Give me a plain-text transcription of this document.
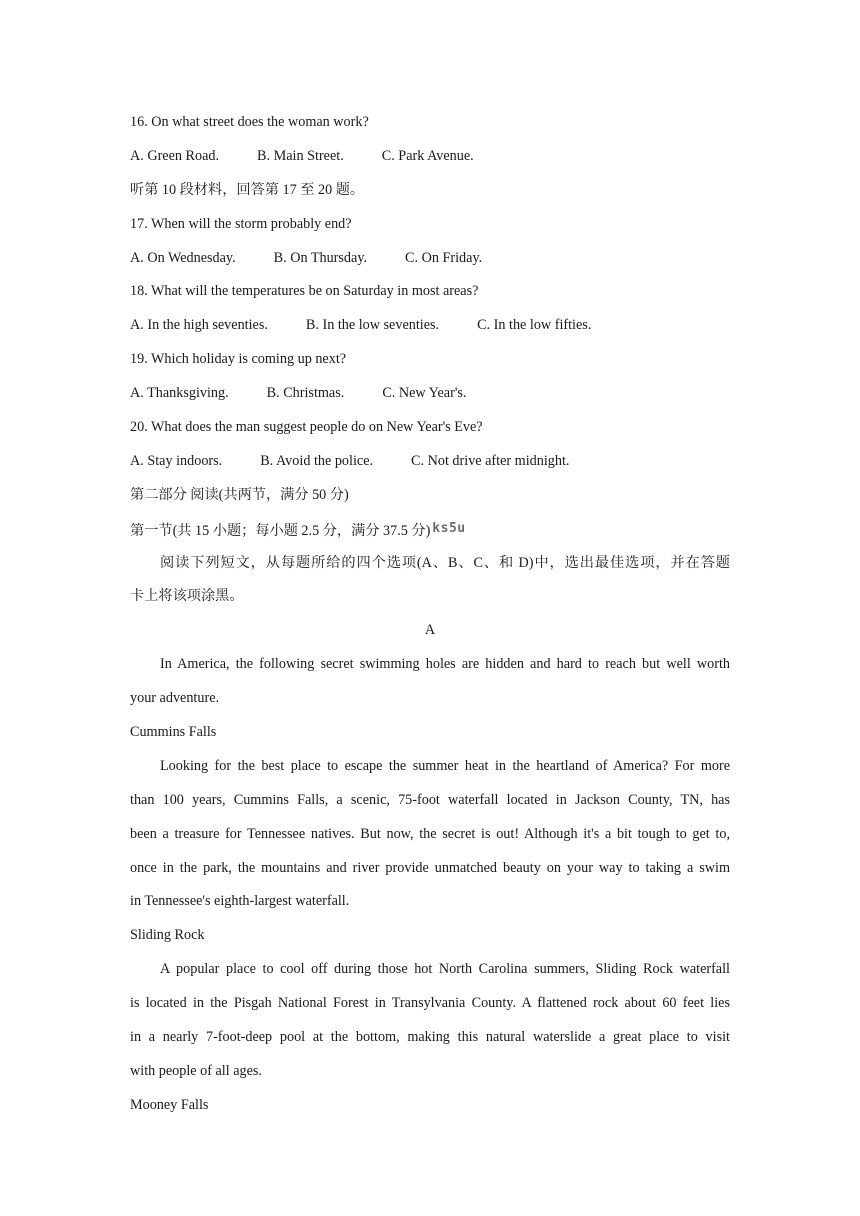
16. On what street does the woman work?
A. Green Road.	B. Main Street.	C. Park Avenue.
听第 10 段材料，回答第 17 至 20 题。
17. When will the storm probably end?
A. On Wednesday.	B. On Thursday.	C. On Friday.
18. What will the temperatures be on Saturday in most areas?
A. In the high seventies.	B. In the low seventies.	C. In the low fifties.
19. Which holiday is coming up next?
A. Thanksgiving.	B. Christmas.	C. New Year's.
20. What does the man suggest people do on New Year's Eve?
A. Stay indoors.	B. Avoid the police.	C. Not drive after midnight.
第二部分 阅读(共两节，满分 50 分)
第一节(共 15 小题；每小题 2.5 分，满分 37.5 分) ks5u
阅读下列短文，从每题所给的四个选项(A、B、C、和 D)中，选出最佳选项，并在答题
卡上将该项涂黑。
A
In America, the following secret swimming holes are hidden and hard to reach but well worth
your adventure.
Cummins Falls
Looking for the best place to escape the summer heat in the heartland of America? For more
than 100 years, Cummins Falls, a scenic, 75-foot waterfall located in Jackson County, TN, has
been a treasure for Tennessee natives. But now, the secret is out! Although it's a bit tough to get to,
once in the park, the mountains and river provide unmatched beauty on your way to taking a swim
in Tennessee's eighth-largest waterfall.
Sliding Rock
A popular place to cool off during those hot North Carolina summers, Sliding Rock waterfall
is located in the Pisgah National Forest in Transylvania County. A flattened rock about 60 feet lies
in a nearly 7-foot-deep pool at the bottom, making this natural waterslide a great place to visit
with people of all ages.
Mooney Falls
